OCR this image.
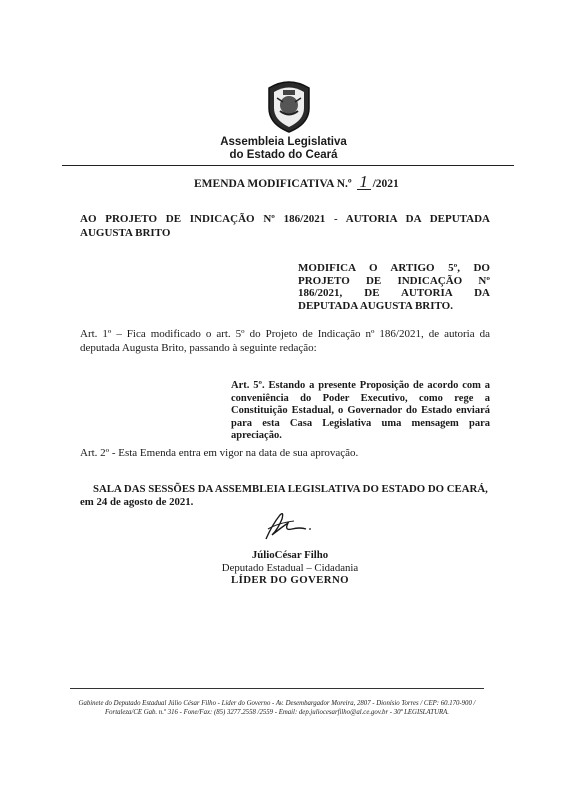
Assembleia Legislativa
do Estado do Ceará
EMENDA MODIFICATIVA N.º 1 /2021
AO PROJETO DE INDICAÇÃO Nº 186/2021 - AUTORIA DA DEPUTADA AUGUSTA BRITO
MODIFICA O ARTIGO 5º, DO PROJETO DE INDICAÇÃO Nº 186/2021, DE AUTORIA DA DEPUTADA AUGUSTA BRITO.
Art. 1º – Fica modificado o art. 5º do Projeto de Indicação nº 186/2021, de autoria da deputada Augusta Brito, passando à seguinte redação:
Art. 5º. Estando a presente Proposição de acordo com a conveniência do Poder Executivo, como rege a Constituição Estadual, o Governador do Estado enviará para esta Casa Legislativa uma mensagem para apreciação.
Art. 2º - Esta Emenda entra em vigor na data de sua aprovação.
SALA DAS SESSÕES DA ASSEMBLEIA LEGISLATIVA DO ESTADO DO CEARÁ, em 24 de agosto de 2021.
JúlioCésar Filho
Deputado Estadual – Cidadania
LÍDER DO GOVERNO
Gabinete do Deputado Estadual Júlio César Filho - Líder do Governo - Av. Desembargador Moreira, 2807 - Dionísio Torres / CEP: 60.170-900 /
Fortaleza/CE Gab. n.º 316 - Fone/Fax: (85) 3277.2558 /2559 - Email: dep.juliocesarfilho@al.ce.gov.br - 30ª LEGISLATURA.
